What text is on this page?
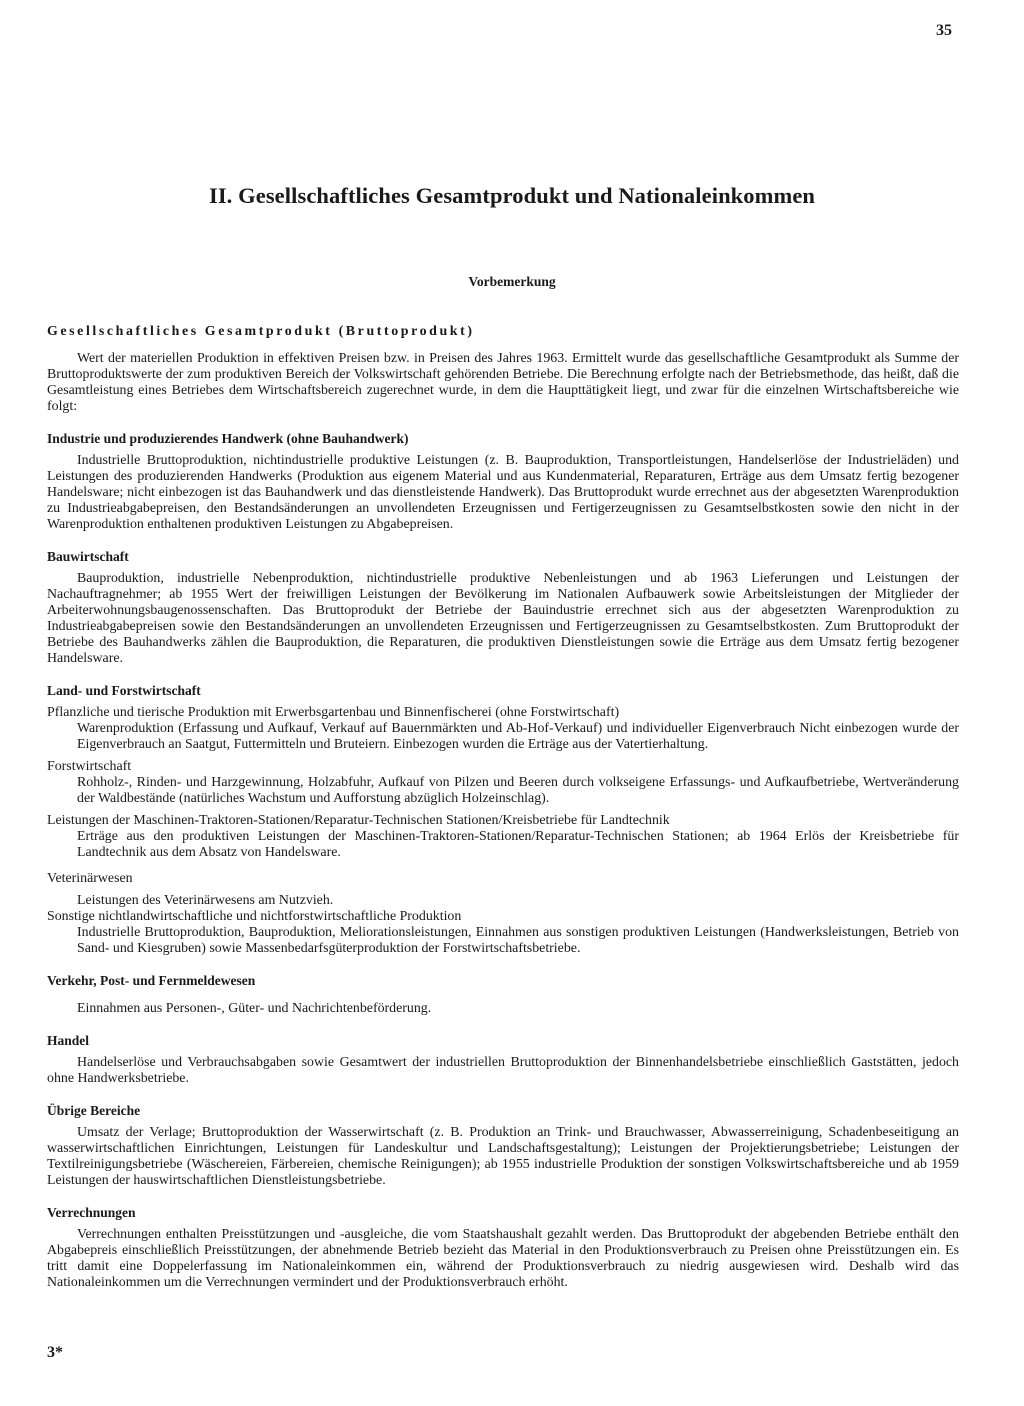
35
II. Gesellschaftliches Gesamtprodukt und Nationaleinkommen
Vorbemerkung
Gesellschaftliches Gesamtprodukt (Bruttoprodukt)

Wert der materiellen Produktion in effektiven Preisen bzw. in Preisen des Jahres 1963. Ermittelt wurde das gesellschaftliche Gesamtprodukt als Summe der Bruttoproduktswerte der zum produktiven Bereich der Volkswirtschaft gehörenden Betriebe. Die Berechnung erfolgte nach der Betriebsmethode, das heißt, daß die Gesamtleistung eines Betriebes dem Wirtschaftsbereich zugerechnet wurde, in dem die Haupttätigkeit liegt, und zwar für die einzelnen Wirtschaftsbereiche wie folgt:

Industrie und produzierendes Handwerk (ohne Bauhandwerk)

Industrielle Bruttoproduktion, nichtindustrielle produktive Leistungen (z. B. Bauproduktion, Transportleistungen, Handelserlöse der Industrieläden) und Leistungen des produzierenden Handwerks (Produktion aus eigenem Material und aus Kundenmaterial, Reparaturen, Erträge aus dem Umsatz fertig bezogener Handelsware; nicht einbezogen ist das Bauhandwerk und das dienstleistende Handwerk). Das Bruttoprodukt wurde errechnet aus der abgesetzten Warenproduktion zu Industrieabgabepreisen, den Bestandsänderungen an unvollendeten Erzeugnissen und Fertigerzeugnissen zu Gesamtselbstkosten sowie den nicht in der Warenproduktion enthaltenen produktiven Leistungen zu Abgabepreisen.

Bauwirtschaft

Bauproduktion, industrielle Nebenproduktion, nichtindustrielle produktive Nebenleistungen und ab 1963 Lieferungen und Leistungen der Nachauftragnehmer; ab 1955 Wert der freiwilligen Leistungen der Bevölkerung im Nationalen Aufbauwerk sowie Arbeitsleistungen der Mitglieder der Arbeiterwohnungsbaugenossenschaften. Das Bruttoprodukt der Betriebe der Bauindustrie errechnet sich aus der abgesetzten Warenproduktion zu Industrieabgabepreisen sowie den Bestandsänderungen an unvollendeten Erzeugnissen und Fertigerzeugnissen zu Gesamtselbstkosten. Zum Bruttoprodukt der Betriebe des Bauhandwerks zählen die Bauproduktion, die Reparaturen, die produktiven Dienstleistungen sowie die Erträge aus dem Umsatz fertig bezogener Handelsware.

Land- und Forstwirtschaft

Pflanzliche und tierische Produktion mit Erwerbsgartenbau und Binnenfischerei (ohne Forstwirtschaft)

Warenproduktion (Erfassung und Aufkauf, Verkauf auf Bauernmärkten und Ab-Hof-Verkauf) und individueller Eigenverbrauch Nicht einbezogen wurde der Eigenverbrauch an Saatgut, Futtermitteln und Bruteiern. Einbezogen wurden die Erträge aus der Vatertierhaltung.

Forstwirtschaft

Rohholz-, Rinden- und Harzgewinnung, Holzabfuhr, Aufkauf von Pilzen und Beeren durch volkseigene Erfassungs- und Aufkaufbetriebe, Wertveränderung der Waldbestände (natürliches Wachstum und Aufforstung abzüglich Holzeinschlag).

Leistungen der Maschinen-Traktoren-Stationen/Reparatur-Technischen Stationen/Kreisbetriebe für Landtechnik

Erträge aus den produktiven Leistungen der Maschinen-Traktoren-Stationen/Reparatur-Technischen Stationen; ab 1964 Erlös der Kreisbetriebe für Landtechnik aus dem Absatz von Handelsware.

Veterinärwesen

Leistungen des Veterinärwesens am Nutzvieh.

Sonstige nichtlandwirtschaftliche und nichtforstwirtschaftliche Produktion

Industrielle Bruttoproduktion, Bauproduktion, Meliorationsleistungen, Einnahmen aus sonstigen produktiven Leistungen (Handwerksleistungen, Betrieb von Sand- und Kiesgruben) sowie Massenbedarfsgüterproduktion der Forstwirtschaftsbetriebe.

Verkehr, Post- und Fernmeldewesen

Einnahmen aus Personen-, Güter- und Nachrichtenbeförderung.

Handel

Handelserlöse und Verbrauchsabgaben sowie Gesamtwert der industriellen Bruttoproduktion der Binnenhandelsbetriebe einschließlich Gaststätten, jedoch ohne Handwerksbetriebe.

Übrige Bereiche

Umsatz der Verlage; Bruttoproduktion der Wasserwirtschaft (z. B. Produktion an Trink- und Brauchwasser, Abwasserreinigung, Schadenbeseitigung an wasserwirtschaftlichen Einrichtungen, Leistungen für Landeskultur und Landschaftsgestaltung); Leistungen der Projektierungsbetriebe; Leistungen der Textilreinigungsbetriebe (Wäschereien, Färbereien, chemische Reinigungen); ab 1955 industrielle Produktion der sonstigen Volkswirtschaftsbereiche und ab 1959 Leistungen der hauswirtschaftlichen Dienstleistungsbetriebe.

Verrechnungen

Verrechnungen enthalten Preisstützungen und -ausgleiche, die vom Staatshaushalt gezahlt werden. Das Bruttoprodukt der abgebenden Betriebe enthält den Abgabepreis einschließlich Preisstützungen, der abnehmende Betrieb bezieht das Material in den Produktionsverbrauch zu Preisen ohne Preisstützungen ein. Es tritt damit eine Doppelerfassung im Nationaleinkommen ein, während der Produktionsverbrauch zu niedrig ausgewiesen wird. Deshalb wird das Nationaleinkommen um die Verrechnungen vermindert und der Produktionsverbrauch erhöht.

3*
